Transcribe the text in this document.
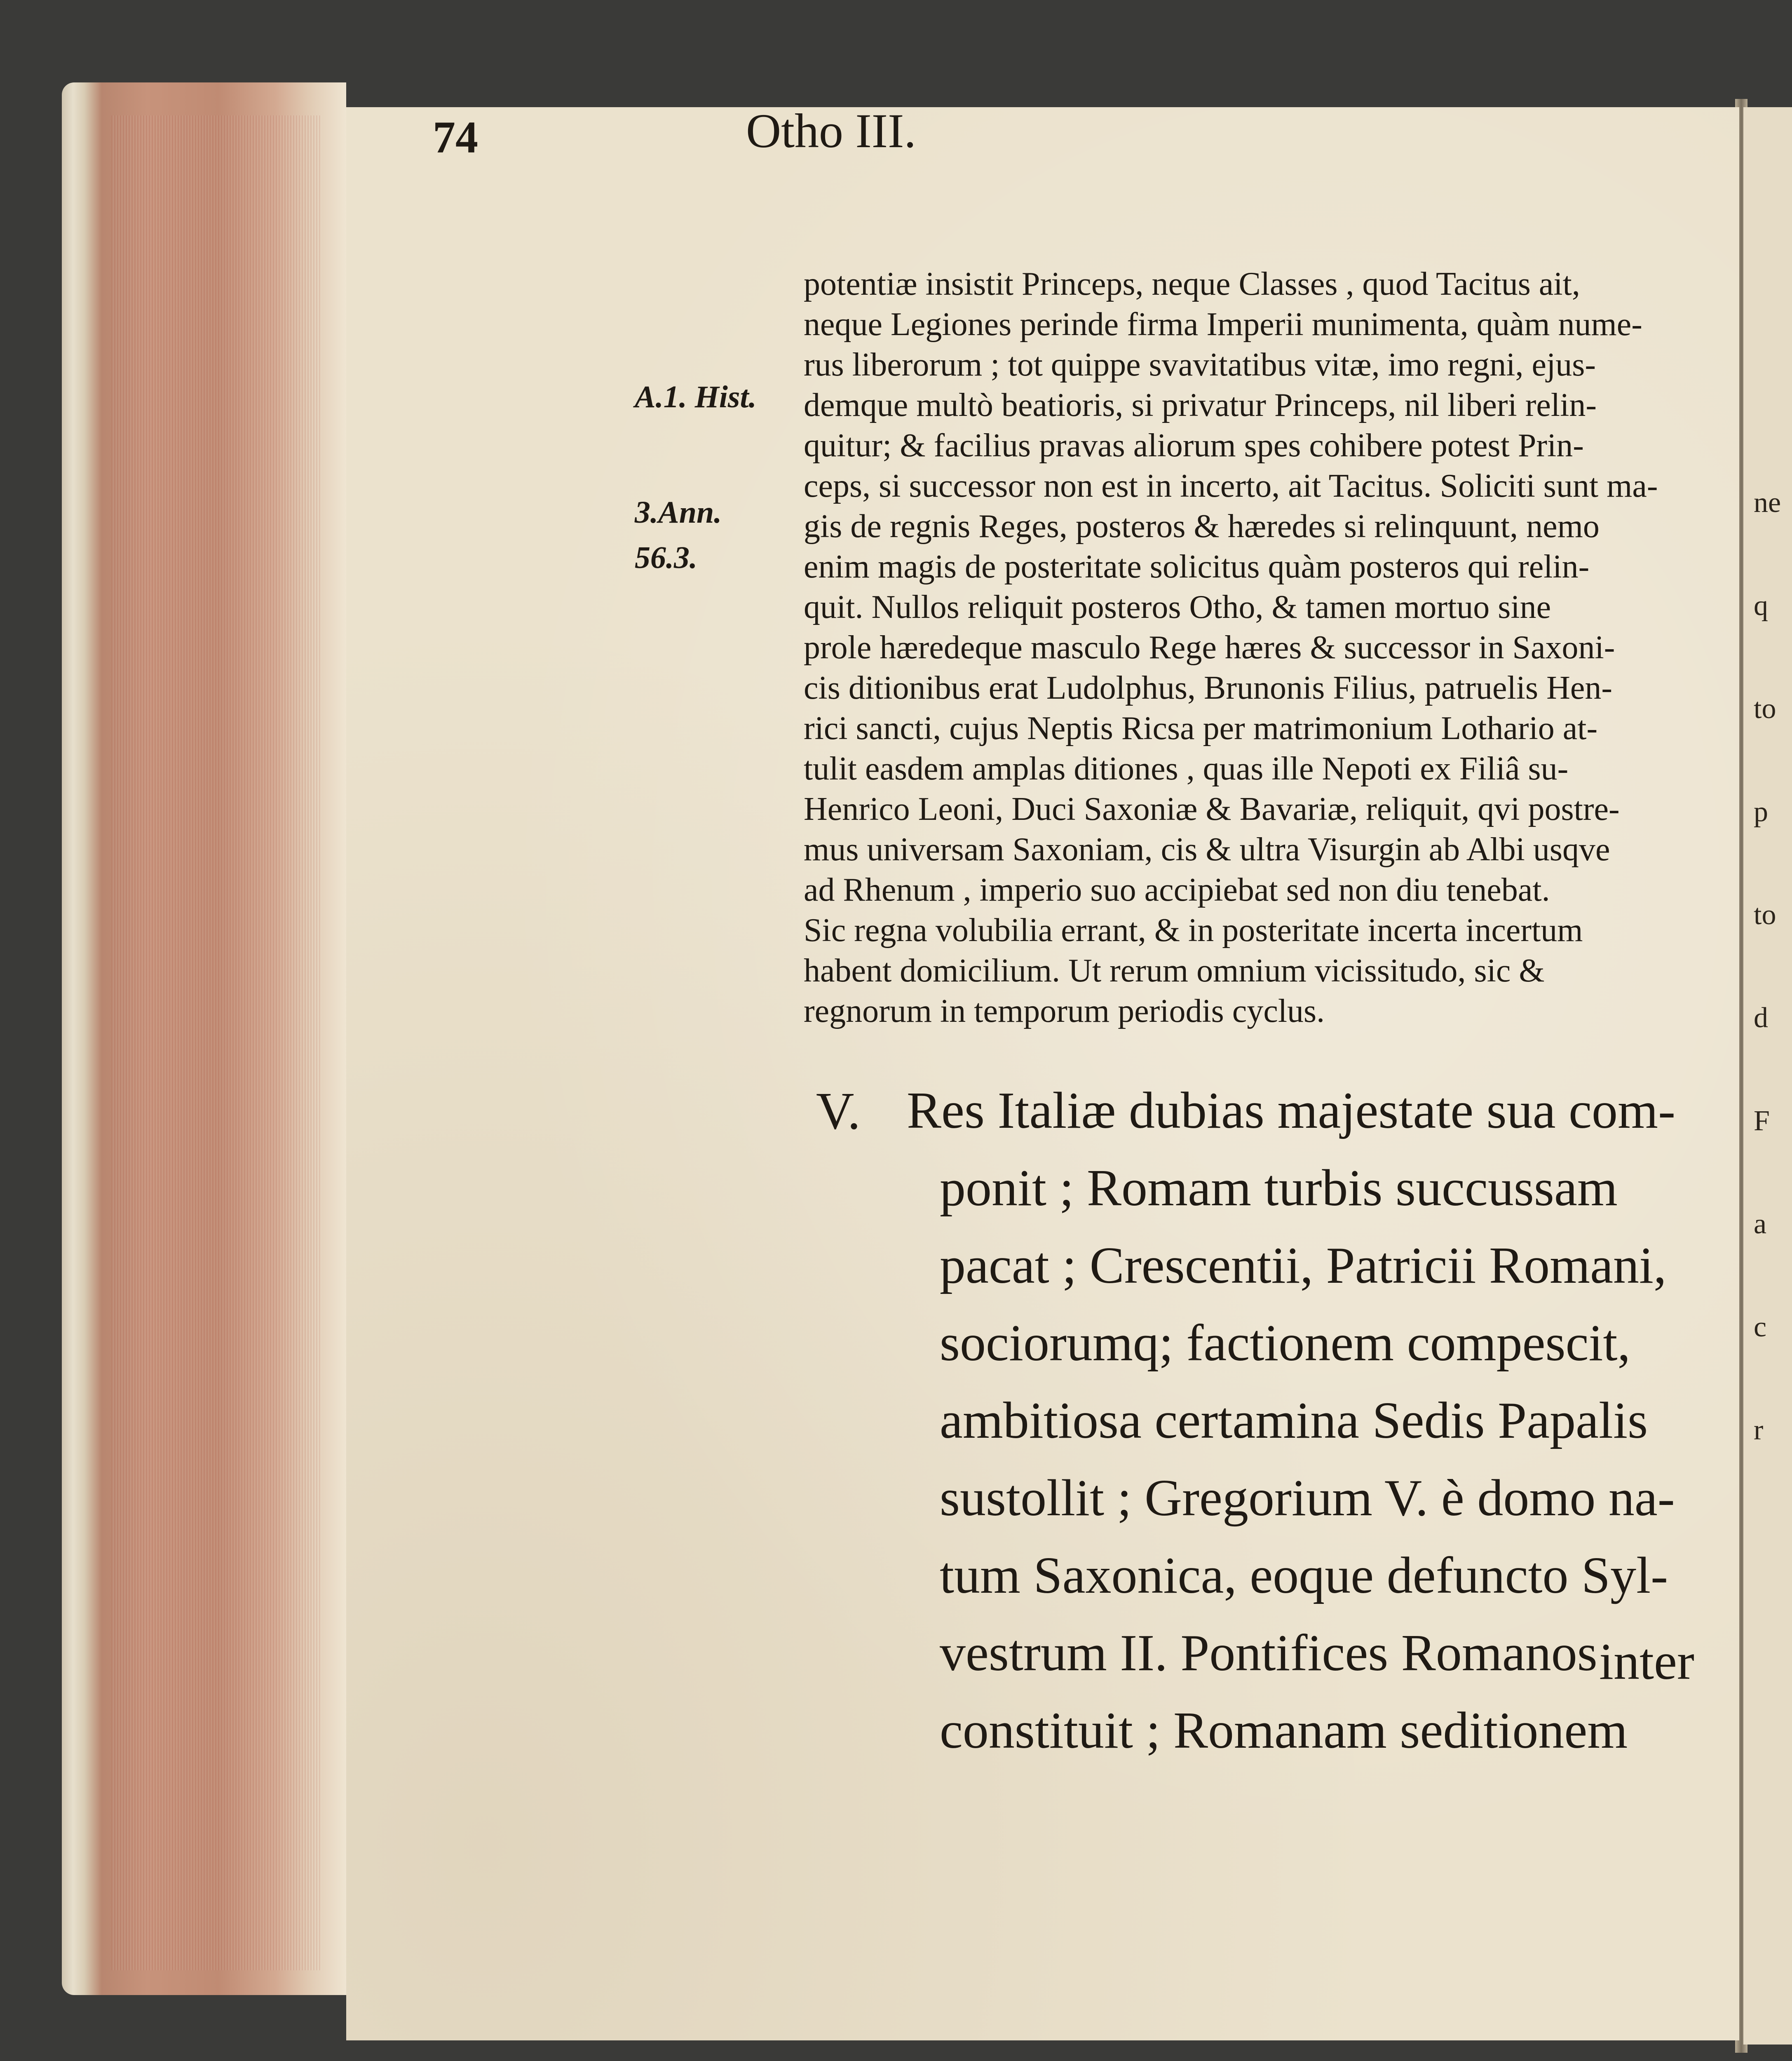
74	Otho III.
A.1. Hist.
3.Ann.
56.3.
potentiæ insistit Princeps, neque Classes , quod Tacitus ait,
neque Legiones perinde firma Imperii munimenta, quàm nume-
rus liberorum ; tot quippe svavitatibus vitæ, imo regni, ejus-
demque multò beatioris, si privatur Princeps, nil liberi relin-
quitur; & facilius pravas aliorum spes cohibere potest Prin-
ceps, si successor non est in incerto, ait Tacitus. Soliciti sunt ma-
gis de regnis Reges, posteros & hæredes si relinquunt, nemo
enim magis de posteritate solicitus quàm posteros qui relin-
quit. Nullos reliquit posteros Otho, & tamen mortuo sine
prole hæredeque masculo Rege hæres & successor in Saxoni-
cis ditionibus erat Ludolphus, Brunonis Filius, patruelis Hen-
rici sancti, cujus Neptis Ricsa per matrimonium Lothario at-
tulit easdem amplas ditiones , quas ille Nepoti ex Filiâ su-
Henrico Leoni, Duci Saxoniæ & Bavariæ, reliquit, qvi postre-
mus universam Saxoniam, cis & ultra Visurgin ab Albi usqve
ad Rhenum , imperio suo accipiebat sed non diu tenebat.
Sic regna volubilia errant, & in posteritate incerta incertum
habent domicilium. Ut rerum omnium vicissitudo, sic &
regnorum in temporum periodis cyclus.
V. Res Italiæ dubias majestate sua com-
ponit ; Romam turbis succussam
pacat ; Crescentii, Patricii Romani,
sociorumq; factionem compescit,
ambitiosa certamina Sedis Papalis
sustollit ; Gregorium V. è domo na-
tum Saxonica, eoque defuncto Syl-
vestrum II. Pontifices Romanos
constituit ; Romanam seditionem
inter
ne
q
to
p
to
d
F
a
c
r
